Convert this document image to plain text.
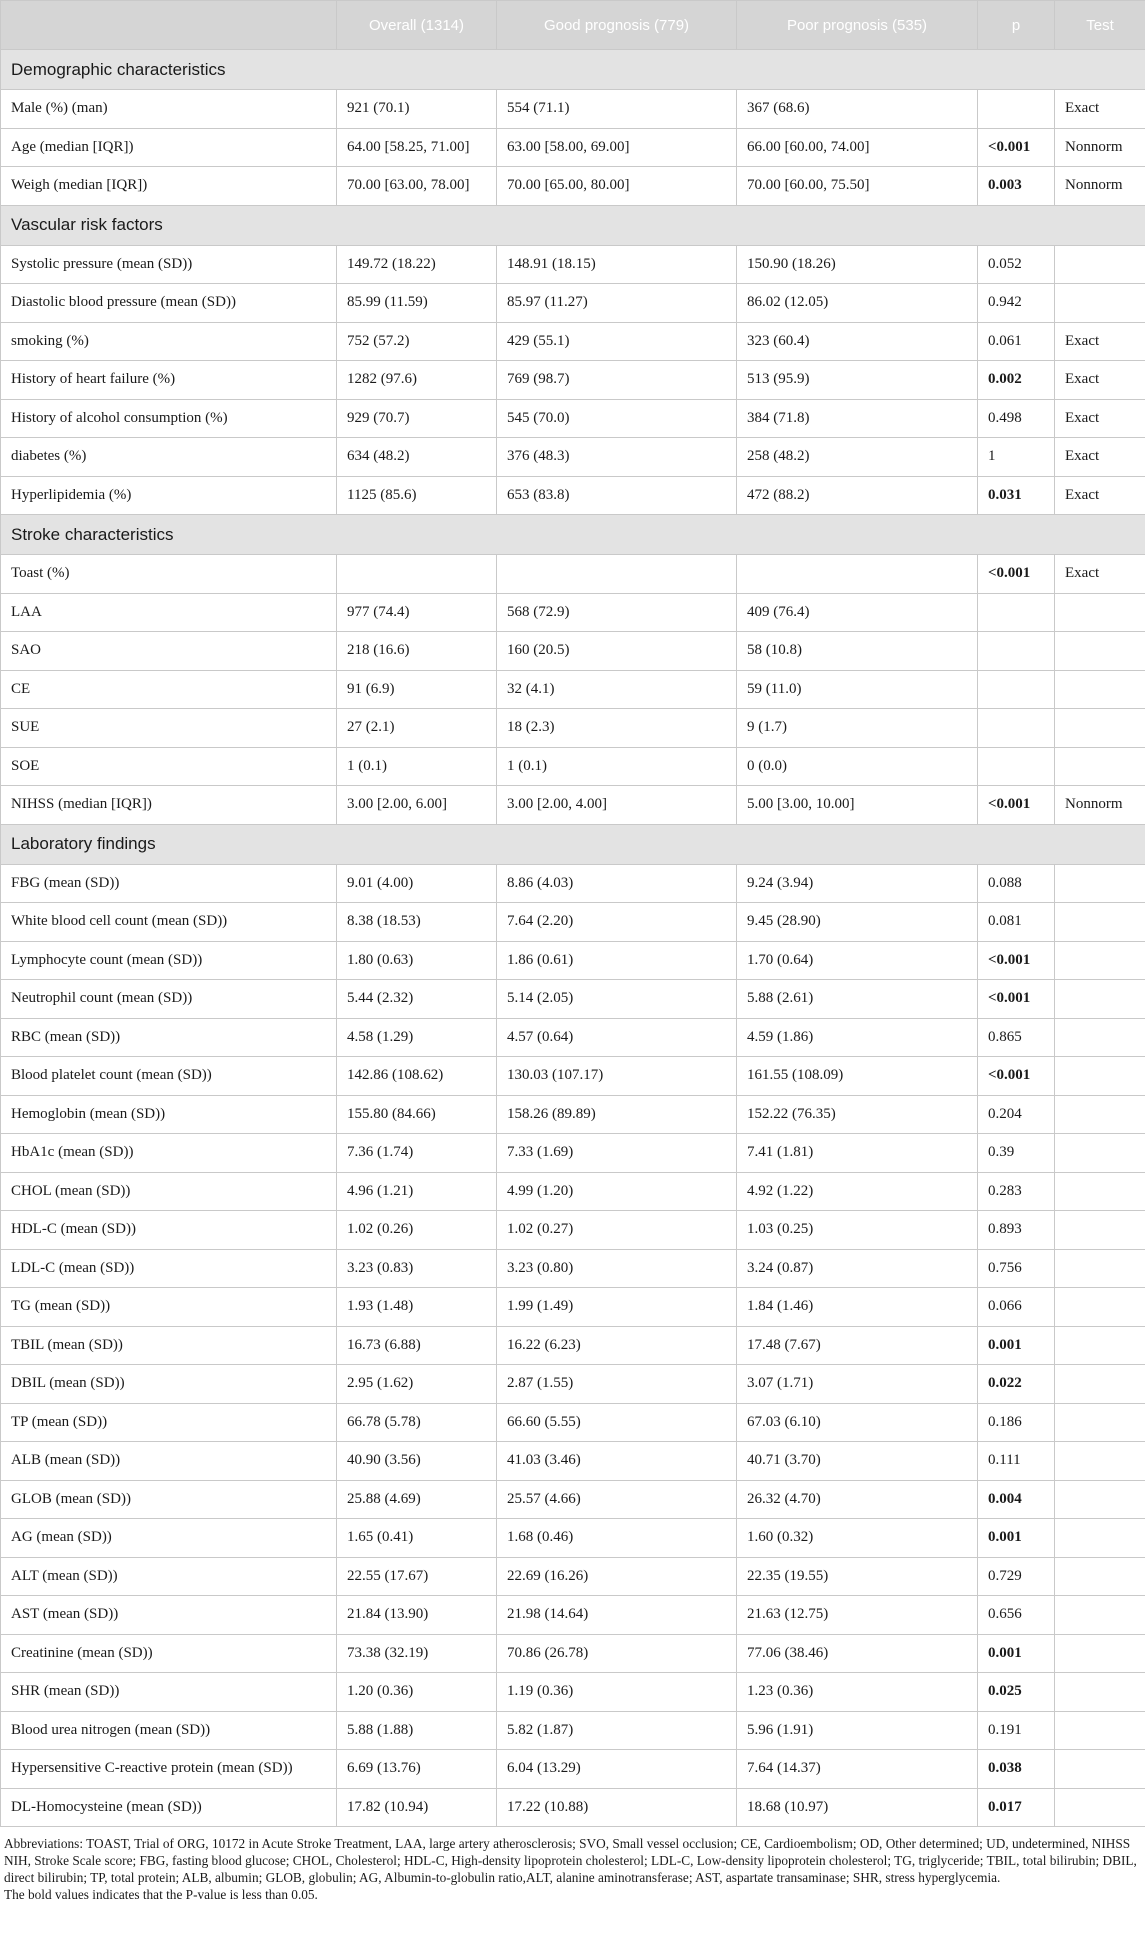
	Overall (1314)	Good prognosis (779)	Poor prognosis (535)	p	Test
Demographic characteristics					
Male (%) (man)	921 (70.1)	554 (71.1)	367 (68.6)		Exact
Age (median [IQR])	64.00 [58.25, 71.00]	63.00 [58.00, 69.00]	66.00 [60.00, 74.00]	<0.001	Nonnorm
Weigh (median [IQR])	70.00 [63.00, 78.00]	70.00 [65.00, 80.00]	70.00 [60.00, 75.50]	0.003	Nonnorm
Vascular risk factors					
Systolic pressure (mean (SD))	149.72 (18.22)	148.91 (18.15)	150.90 (18.26)	0.052	
Diastolic blood pressure (mean (SD))	85.99 (11.59)	85.97 (11.27)	86.02 (12.05)	0.942	
smoking (%)	752 (57.2)	429 (55.1)	323 (60.4)	0.061	Exact
History of heart failure (%)	1282 (97.6)	769 (98.7)	513 (95.9)	0.002	Exact
History of alcohol consumption (%)	929 (70.7)	545 (70.0)	384 (71.8)	0.498	Exact
diabetes (%)	634 (48.2)	376 (48.3)	258 (48.2)	1	Exact
Hyperlipidemia (%)	1125 (85.6)	653 (83.8)	472 (88.2)	0.031	Exact
Stroke characteristics					
Toast (%)				<0.001	Exact
LAA	977 (74.4)	568 (72.9)	409 (76.4)		
SAO	218 (16.6)	160 (20.5)	58 (10.8)		
CE	91 (6.9)	32 (4.1)	59 (11.0)		
SUE	27 (2.1)	18 (2.3)	9 (1.7)		
SOE	1 (0.1)	1 (0.1)	0 (0.0)		
NIHSS (median [IQR])	3.00 [2.00, 6.00]	3.00 [2.00, 4.00]	5.00 [3.00, 10.00]	<0.001	Nonnorm
Laboratory findings					
FBG (mean (SD))	9.01 (4.00)	8.86 (4.03)	9.24 (3.94)	0.088	
White blood cell count (mean (SD))	8.38 (18.53)	7.64 (2.20)	9.45 (28.90)	0.081	
Lymphocyte count (mean (SD))	1.80 (0.63)	1.86 (0.61)	1.70 (0.64)	<0.001	
Neutrophil count (mean (SD))	5.44 (2.32)	5.14 (2.05)	5.88 (2.61)	<0.001	
RBC (mean (SD))	4.58 (1.29)	4.57 (0.64)	4.59 (1.86)	0.865	
Blood platelet count (mean (SD))	142.86 (108.62)	130.03 (107.17)	161.55 (108.09)	<0.001	
Hemoglobin (mean (SD))	155.80 (84.66)	158.26 (89.89)	152.22 (76.35)	0.204	
HbA1c (mean (SD))	7.36 (1.74)	7.33 (1.69)	7.41 (1.81)	0.39	
CHOL (mean (SD))	4.96 (1.21)	4.99 (1.20)	4.92 (1.22)	0.283	
HDL-C (mean (SD))	1.02 (0.26)	1.02 (0.27)	1.03 (0.25)	0.893	
LDL-C (mean (SD))	3.23 (0.83)	3.23 (0.80)	3.24 (0.87)	0.756	
TG (mean (SD))	1.93 (1.48)	1.99 (1.49)	1.84 (1.46)	0.066	
TBIL (mean (SD))	16.73 (6.88)	16.22 (6.23)	17.48 (7.67)	0.001	
DBIL (mean (SD))	2.95 (1.62)	2.87 (1.55)	3.07 (1.71)	0.022	
TP (mean (SD))	66.78 (5.78)	66.60 (5.55)	67.03 (6.10)	0.186	
ALB (mean (SD))	40.90 (3.56)	41.03 (3.46)	40.71 (3.70)	0.111	
GLOB (mean (SD))	25.88 (4.69)	25.57 (4.66)	26.32 (4.70)	0.004	
AG (mean (SD))	1.65 (0.41)	1.68 (0.46)	1.60 (0.32)	0.001	
ALT (mean (SD))	22.55 (17.67)	22.69 (16.26)	22.35 (19.55)	0.729	
AST (mean (SD))	21.84 (13.90)	21.98 (14.64)	21.63 (12.75)	0.656	
Creatinine (mean (SD))	73.38 (32.19)	70.86 (26.78)	77.06 (38.46)	0.001	
SHR (mean (SD))	1.20 (0.36)	1.19 (0.36)	1.23 (0.36)	0.025	
Blood urea nitrogen (mean (SD))	5.88 (1.88)	5.82 (1.87)	5.96 (1.91)	0.191	
Hypersensitive C-reactive protein (mean (SD))	6.69 (13.76)	6.04 (13.29)	7.64 (14.37)	0.038	
DL-Homocysteine (mean (SD))	17.82 (10.94)	17.22 (10.88)	18.68 (10.97)	0.017	

Abbreviations: TOAST, Trial of ORG, 10172 in Acute Stroke Treatment, LAA, large artery atherosclerosis; SVO, Small vessel occlusion; CE, Cardioembolism; OD, Other determined; UD, undetermined, NIHSS NIH, Stroke Scale score; FBG, fasting blood glucose; CHOL, Cholesterol; HDL-C, High-density lipoprotein cholesterol; LDL-C, Low-density lipoprotein cholesterol; TG, triglyceride; TBIL, total bilirubin; DBIL, direct bilirubin; TP, total protein; ALB, albumin; GLOB, globulin; AG, Albumin-to-globulin ratio,ALT, alanine aminotransferase; AST, aspartate transaminase; SHR, stress hyperglycemia.

The bold values indicates that the P-value is less than 0.05.
